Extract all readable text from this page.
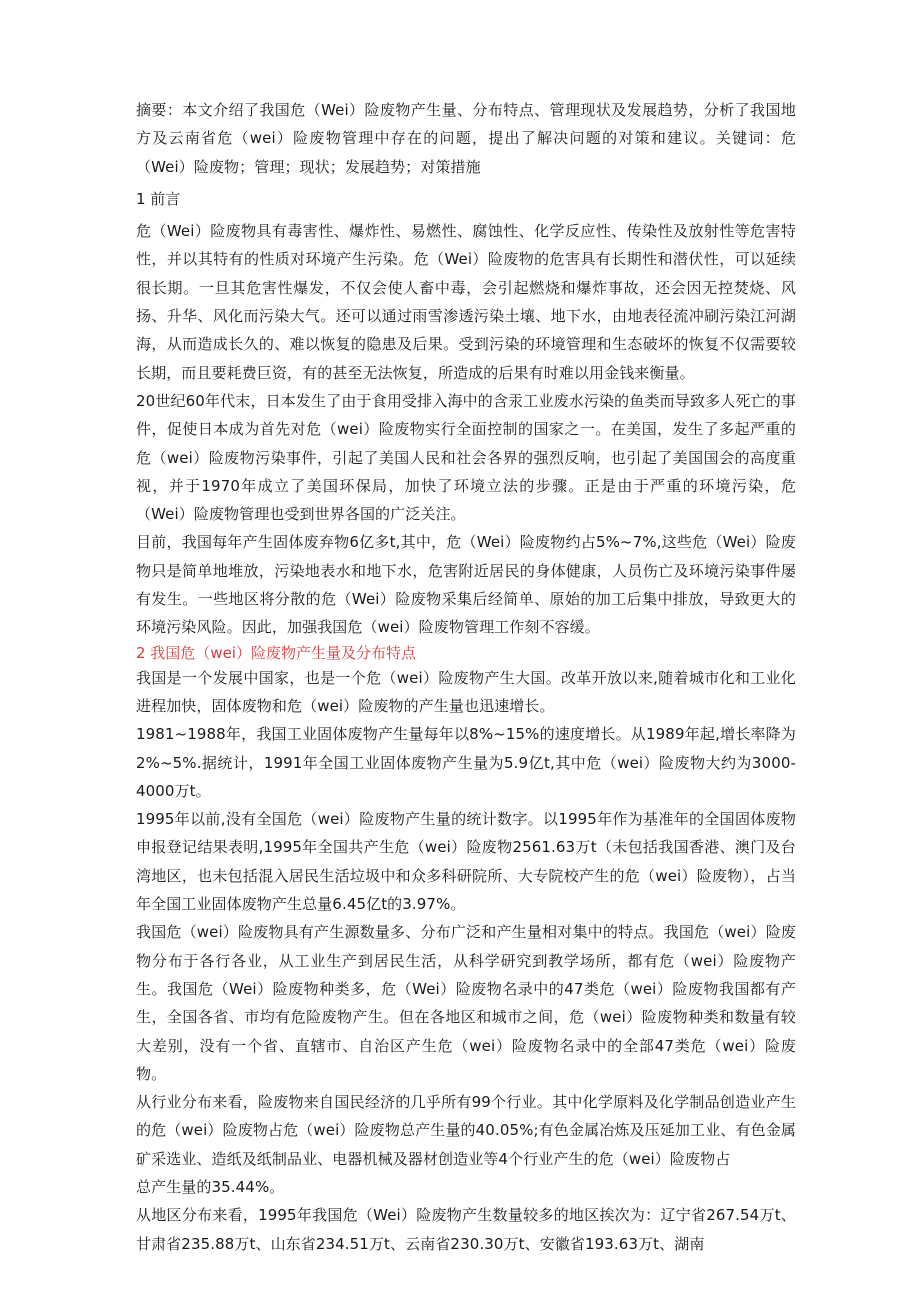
摘要：本文介绍了我国危（Wei）险废物产生量、分布特点、管理现状及发展趋势，分析了我国地方及云南省危（wei）险废物管理中存在的问题，提出了解决问题的对策和建议。关键词：危（Wei）险废物；管理；现状；发展趋势；对策措施

1 前言

危（Wei）险废物具有毒害性、爆炸性、易燃性、腐蚀性、化学反应性、传染性及放射性等危害特性，并以其特有的性质对环境产生污染。危（Wei）险废物的危害具有长期性和潜伏性，可以延续很长期。一旦其危害性爆发，不仅会使人畜中毒，会引起燃烧和爆炸事故，还会因无控焚烧、风扬、升华、风化而污染大气。还可以通过雨雪渗透污染土壤、地下水，由地表径流冲刷污染江河湖海，从而造成长久的、难以恢复的隐患及后果。受到污染的环境管理和生态破坏的恢复不仅需要较长期，而且要耗费巨资，有的甚至无法恢复，所造成的后果有时难以用金钱来衡量。

20世纪60年代末，日本发生了由于食用受排入海中的含汞工业废水污染的鱼类而导致多人死亡的事件，促使日本成为首先对危（wei）险废物实行全面控制的国家之一。在美国，发生了多起严重的危（wei）险废物污染事件，引起了美国人民和社会各界的强烈反响，也引起了美国国会的高度重视，并于1970年成立了美国环保局，加快了环境立法的步骤。正是由于严重的环境污染，危（Wei）险废物管理也受到世界各国的广泛关注。

目前，我国每年产生固体废弃物6亿多t,其中，危（Wei）险废物约占5%~7%,这些危（Wei）险废物只是简单地堆放，污染地表水和地下水，危害附近居民的身体健康，人员伤亡及环境污染事件屡有发生。一些地区将分散的危（Wei）险废物采集后经简单、原始的加工后集中排放，导致更大的环境污染风险。因此，加强我国危（wei）险废物管理工作刻不容缓。

2 我国危（wei）险废物产生量及分布特点

我国是一个发展中国家，也是一个危（wei）险废物产生大国。改革开放以来,随着城市化和工业化进程加快，固体废物和危（wei）险废物的产生量也迅速增长。

1981~1988年，我国工业固体废物产生量每年以8%~15%的速度增长。从1989年起,增长率降为2%~5%.据统计，1991年全国工业固体废物产生量为5.9亿t,其中危（wei）险废物大约为3000-4000万t。

1995年以前,没有全国危（wei）险废物产生量的统计数字。以1995年作为基准年的全国固体废物申报登记结果表明,1995年全国共产生危（wei）险废物2561.63万t（未包括我国香港、澳门及台湾地区，也未包括混入居民生活垃圾中和众多科研院所、大专院校产生的危（wei）险废物），占当年全国工业固体废物产生总量6.45亿t的3.97%。

我国危（wei）险废物具有产生源数量多、分布广泛和产生量相对集中的特点。我国危（wei）险废物分布于各行各业，从工业生产到居民生活，从科学研究到教学场所，都有危（wei）险废物产生。我国危（Wei）险废物种类多，危（Wei）险废物名录中的47类危（wei）险废物我国都有产生，全国各省、市均有危险废物产生。但在各地区和城市之间，危（wei）险废物种类和数量有较大差别，没有一个省、直辖市、自治区产生危（wei）险废物名录中的全部47类危（wei）险废物。

从行业分布来看，险废物来自国民经济的几乎所有99个行业。其中化学原料及化学制品创造业产生的危（wei）险废物占危（wei）险废物总产生量的40.05%;有色金属冶炼及压延加工业、有色金属矿采选业、造纸及纸制品业、电器机械及器材创造业等4个行业产生的危（wei）险废物占

总产生量的35.44%。

从地区分布来看，1995年我国危（Wei）险废物产生数量较多的地区挨次为：辽宁省267.54万t、甘肃省235.88万t、山东省234.51万t、云南省230.30万t、安徽省193.63万t、湖南
